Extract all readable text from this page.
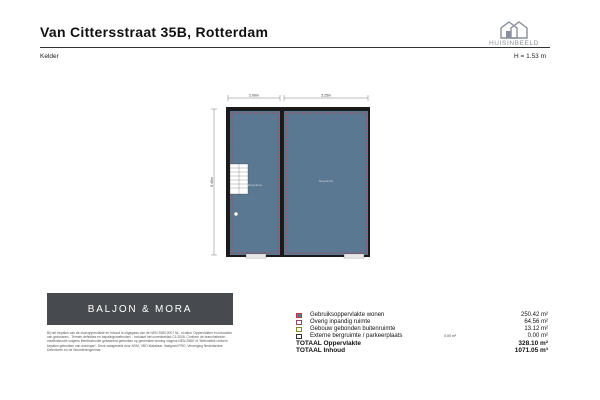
Van Cittersstraat 35B, Rotterdam
HUISINBEELD
Kelder	H = 1.53 m
2.00m	3.25m
5.40m	bergruimte
bergruimte
BALJON & MORA
Bij het bepalen van de vloeroppervlakte en inhoud is uitgegaan van de NEN 2580:2007 NL, nl-talen 'Oppervlakten en inhouden van gebouwen - Termen definities en bepalingsmethoden' - inclusief het correctieblad C1:2008. Conform de branchebrede meetinstructie volgens Meetinstructie gebaseerd gebruiken op generalize woning volgens NEN-2580' of 'Metholdiek uniform bepalen gebruiken van woningen'. Deze vastgesteld door NVM, VBO Makelaar, Vastgoed PRO, Vereniging Nederlandse Detectoren en de Woordbrengenmer.
Gebruiksoppervlakte wonen	250.42 m²
Overig inpandig ruimte	64.56 m²
Gebouw gebonden buitenruimte	13.12 m²
Externe bergruimte / parkeerplaats	0.00 m²	0.00 m²
TOTAAL Oppervlakte	328.10 m²
TOTAAL Inhoud	1071.05 m³
